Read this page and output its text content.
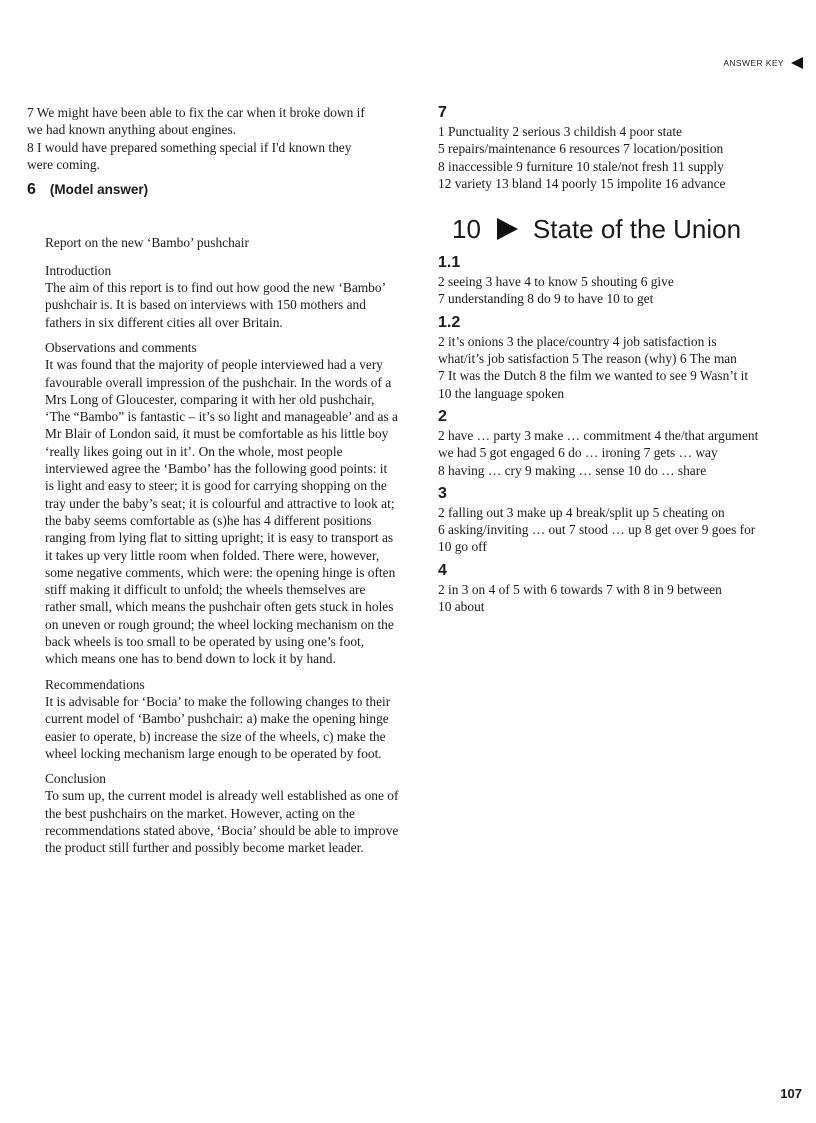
ANSWER KEY
7 We might have been able to fix the car when it broke down if
we had known anything about engines.
8 I would have prepared something special if I'd known they
were coming.
6 (Model answer)
Report on the new ‘Bambo’ pushchair
Introduction
The aim of this report is to find out how good the new ‘Bambo’ pushchair is. It is based on interviews with 150 mothers and fathers in six different cities all over Britain.
Observations and comments
It was found that the majority of people interviewed had a very favourable overall impression of the pushchair. In the words of a Mrs Long of Gloucester, comparing it with her old pushchair, ‘The “Bambo” is fantastic – it’s so light and manageable’ and as a Mr Blair of London said, it must be comfortable as his little boy ‘really likes going out in it’. On the whole, most people interviewed agree the ‘Bambo’ has the following good points: it is light and easy to steer; it is good for carrying shopping on the tray under the baby’s seat; it is colourful and attractive to look at; the baby seems comfortable as (s)he has 4 different positions ranging from lying flat to sitting upright; it is easy to transport as it takes up very little room when folded. There were, however, some negative comments, which were: the opening hinge is often stiff making it difficult to unfold; the wheels themselves are rather small, which means the pushchair often gets stuck in holes on uneven or rough ground; the wheel locking mechanism on the back wheels is too small to be operated by using one’s foot, which means one has to bend down to lock it by hand.
Recommendations
It is advisable for ‘Bocia’ to make the following changes to their current model of ‘Bambo’ pushchair: a) make the opening hinge easier to operate, b) increase the size of the wheels, c) make the wheel locking mechanism large enough to be operated by foot.
Conclusion
To sum up, the current model is already well established as one of the best pushchairs on the market. However, acting on the recommendations stated above, ‘Bocia’ should be able to improve the product still further and possibly become market leader.
7
1 Punctuality 2 serious 3 childish 4 poor state
5 repairs/maintenance 6 resources 7 location/position
8 inaccessible 9 furniture 10 stale/not fresh 11 supply
12 variety 13 bland 14 poorly 15 impolite 16 advance
10 State of the Union
1.1
2 seeing 3 have 4 to know 5 shouting 6 give
7 understanding 8 do 9 to have 10 to get
1.2
2 it’s onions 3 the place/country 4 job satisfaction is
what/it’s job satisfaction 5 The reason (why) 6 The man
7 It was the Dutch 8 the film we wanted to see 9 Wasn’t it
10 the language spoken
2
2 have … party 3 make … commitment 4 the/that argument
we had 5 got engaged 6 do … ironing 7 gets … way
8 having … cry 9 making … sense 10 do … share
3
2 falling out 3 make up 4 break/split up 5 cheating on
6 asking/inviting … out 7 stood … up 8 get over 9 goes for
10 go off
4
2 in 3 on 4 of 5 with 6 towards 7 with 8 in 9 between
10 about
107
